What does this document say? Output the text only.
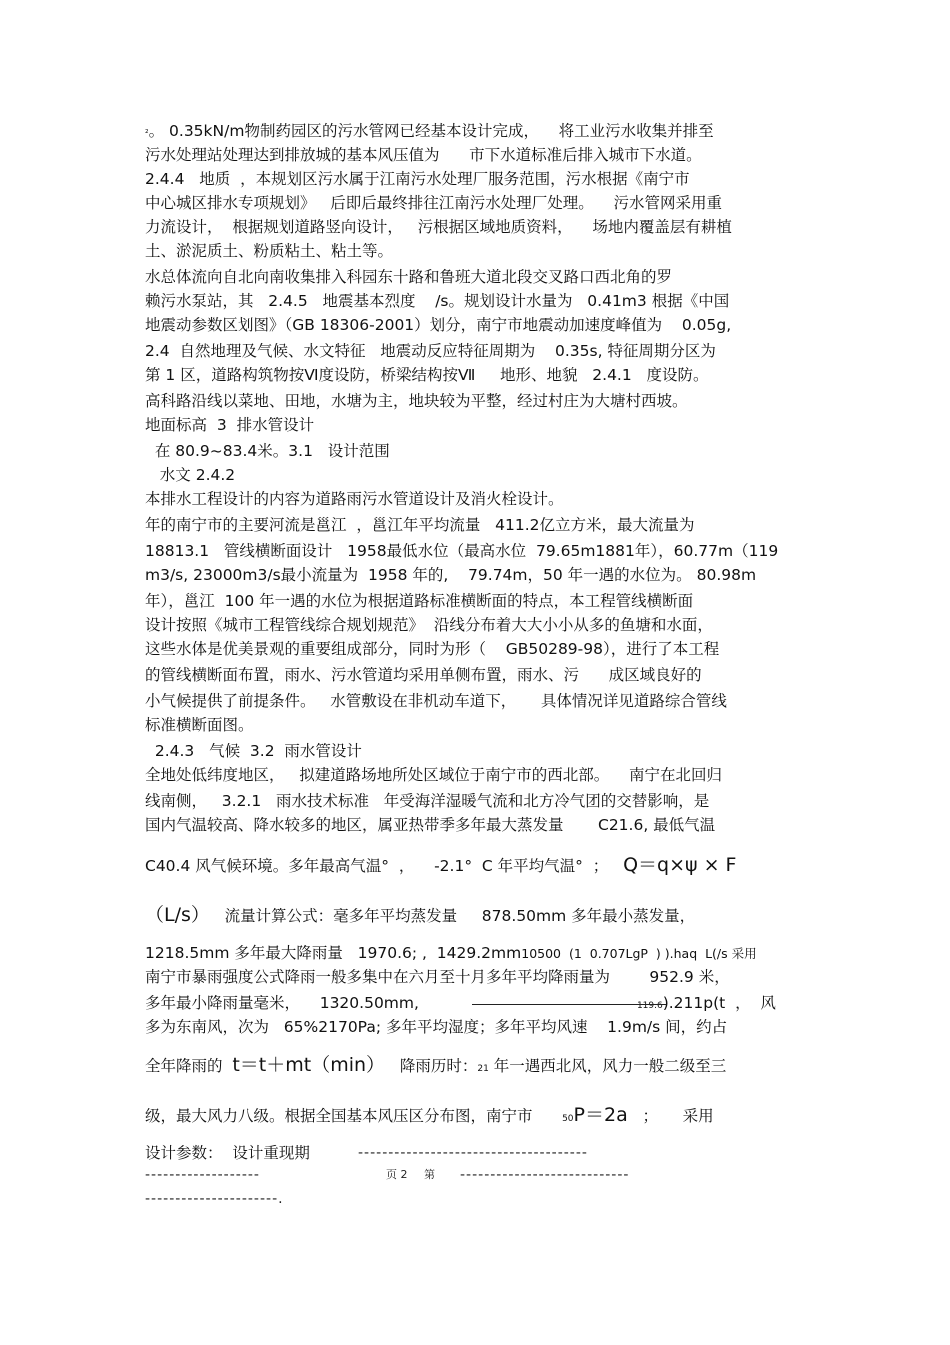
²。 0.35kN/m物制药园区的污水管网已经基本设计完成，    将工业污水收集并排至
污水处理站处理达到排放城的基本风压值为      市下水道标准后排入城市下水道。
2.4.4   地质  ，本规划区污水属于江南污水处理厂服务范围，污水根据《南宁市
中心城区排水专项规划》   后即后最终排往江南污水处理厂处理。    污水管网采用重
力流设计，  根据规划道路竖向设计，   污根据区域地质资料，    场地内覆盖层有耕植
土、淤泥质土、粉质粘土、粘土等。
水总体流向自北向南收集排入科园东十路和鲁班大道北段交叉路口西北角的罗
赖污水泵站，其   2.4.5   地震基本烈度    /s。规划设计水量为   0.41m3 根据《中国
地震动参数区划图》（GB 18306-2001）划分，南宁市地震动加速度峰值为    0.05g,
2.4  自然地理及气候、水文特征   地震动反应特征周期为    0.35s, 特征周期分区为
第 1 区，道路构筑物按Ⅵ度设防，桥梁结构按Ⅶ     地形、地貌   2.4.1   度设防。
高科路沿线以菜地、田地，水塘为主，地块较为平整，经过村庄为大塘村西坡。
地面标高  3  排水管设计
在 80.9~83.4米。3.1   设计范围
水文 2.4.2
本排水工程设计的内容为道路雨污水管道设计及消火栓设计。
年的南宁市的主要河流是邕江  ，邕江年平均流量   411.2亿立方米，最大流量为
18813.1   管线横断面设计   1958最低水位（最高水位  79.65m1881年），60.77m（119
m3/s, 23000m3/s最小流量为  1958 年的,    79.74m，50 年一遇的水位为。 80.98m
年），邕江  100 年一遇的水位为根据道路标准横断面的特点，本工程管线横断面
设计按照《城市工程管线综合规划规范》  沿线分布着大大小小从多的鱼塘和水面，
这些水体是优美景观的重要组成部分，同时为形（    GB50289-98），进行了本工程
的管线横断面布置，雨水、污水管道均采用单侧布置，雨水、污      成区域良好的
小气候提供了前提条件。   水管敷设在非机动车道下，     具体情况详见道路综合管线
标准横断面图。
2.4.3   气候  3.2  雨水管设计
全地处低纬度地区，   拟建道路场地所处区域位于南宁市的西北部。    南宁在北回归
线南侧，   3.2.1   雨水技术标准   年受海洋湿暖气流和北方冷气团的交替影响，是
国内气温较高、降水较多的地区，属亚热带季多年最大蒸发量       C21.6, 最低气温
C40.4 风气候环境。多年最高气温°  ，    -2.1°  C 年平均气温°  ；   Q＝q×ψ × F
（L/s）   流量计算公式：毫多年平均蒸发量     878.50mm 多年最小蒸发量，
1218.5mm 多年最大降雨量   1970.6; ,  1429.2mm10500  (1  0.707LgP  ) ).haq  L(/s 采用
南宁市暴雨强度公式降雨一般多集中在六月至十月多年平均降雨量为        952.9 米，
多年最小降雨量毫米，    1320.50mm,	119.6).211p(t  ，  风
多为东南风，次为   65%2170Pa; 多年平均湿度；多年平均风速    1.9m/s 间，约占
全年降雨的  t＝t＋mt（min）   降雨历时：21 年一遇西北风，风力一般二级至三
级，最大风力八级。根据全国基本风压区分布图，南宁市      50P＝2a   ；     采用
设计参数：  设计重现期	--------------------------------------
-------------------	页 2 第 ----------------------------
----------------------.
